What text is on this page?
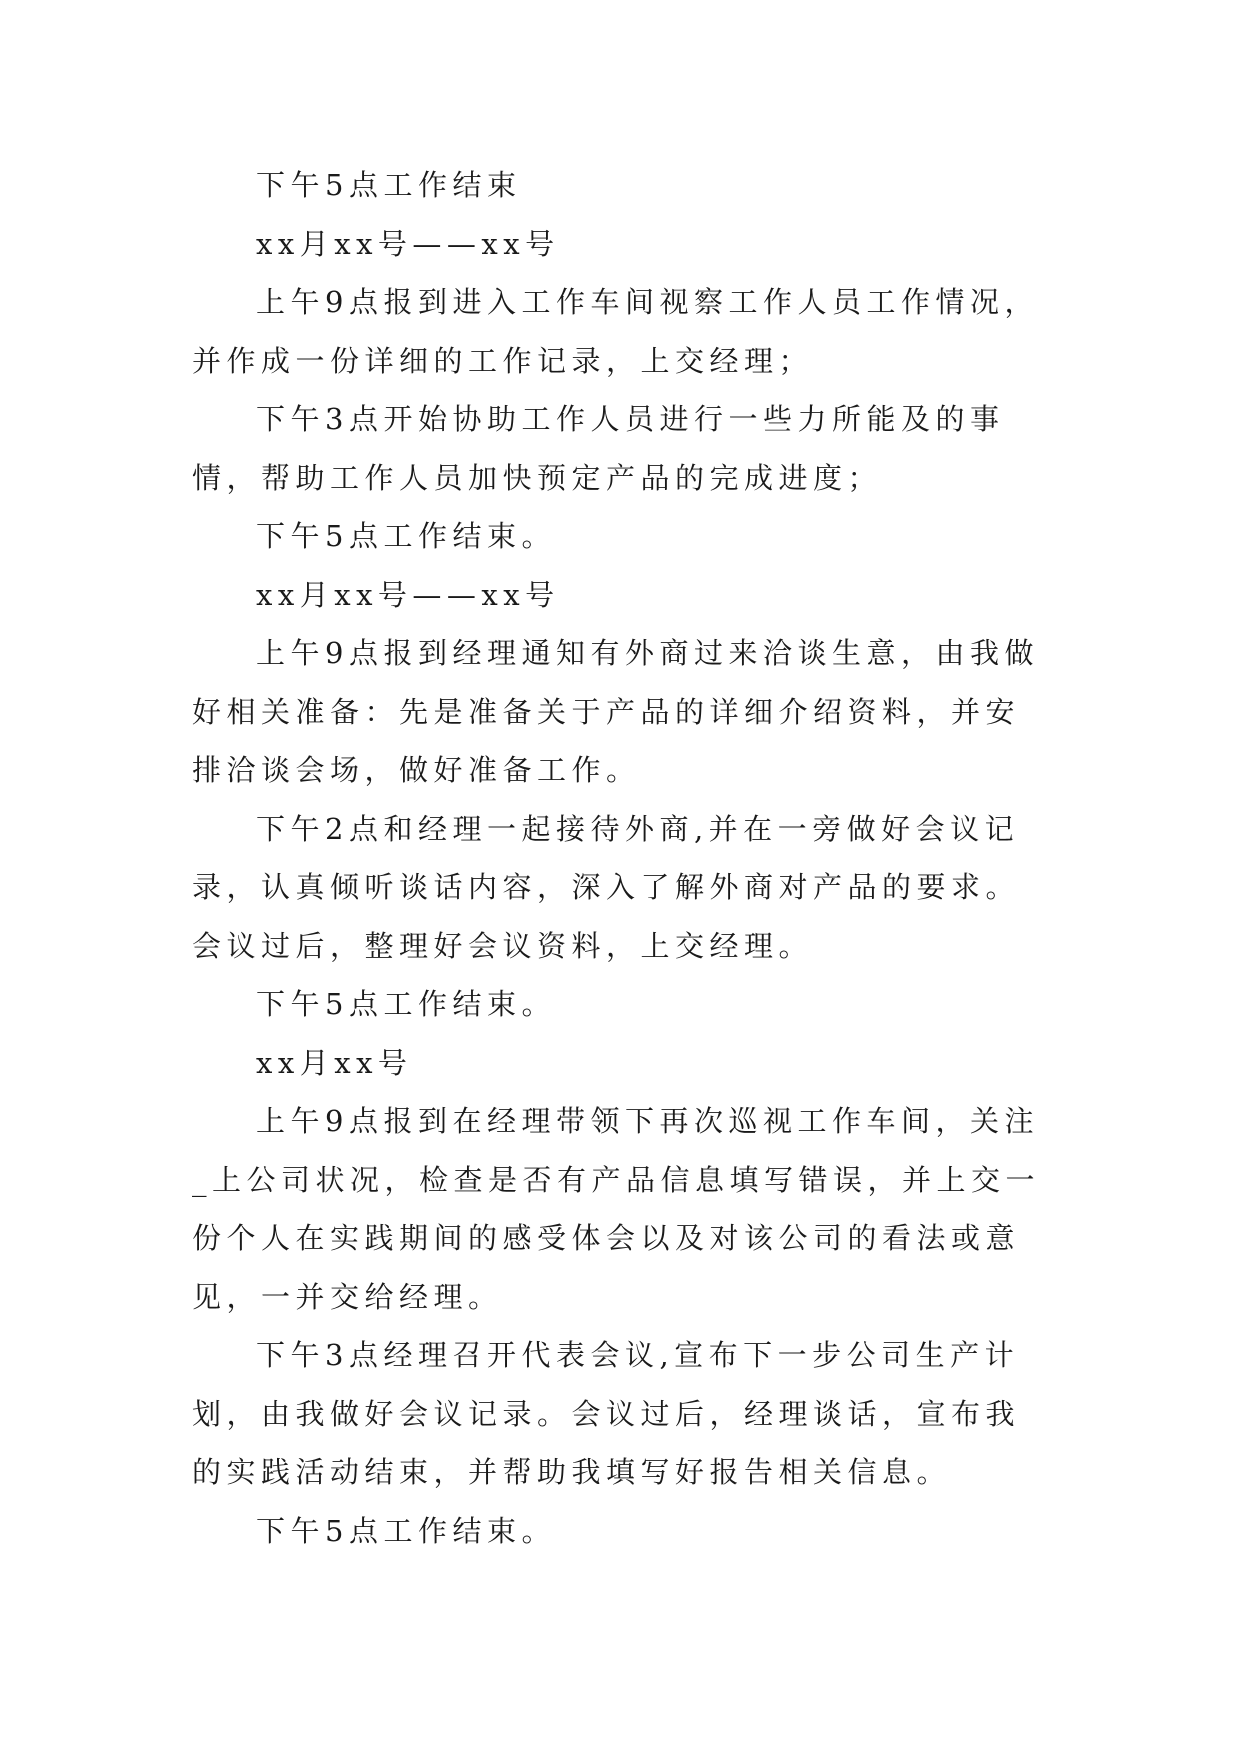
下午5点工作结束

xx月xx号——xx号

上午9点报到进入工作车间视察工作人员工作情况，并作成一份详细的工作记录，上交经理；

下午3点开始协助工作人员进行一些力所能及的事情，帮助工作人员加快预定产品的完成进度；

下午5点工作结束。

xx月xx号——xx号

上午9点报到经理通知有外商过来洽谈生意，由我做好相关准备：先是准备关于产品的详细介绍资料，并安排洽谈会场，做好准备工作。

下午2点和经理一起接待外商,并在一旁做好会议记录，认真倾听谈话内容，深入了解外商对产品的要求。会议过后，整理好会议资料，上交经理。

下午5点工作结束。

xx月xx号

上午9点报到在经理带领下再次巡视工作车间，关注_上公司状况，检查是否有产品信息填写错误，并上交一份个人在实践期间的感受体会以及对该公司的看法或意见，一并交给经理。

下午3点经理召开代表会议,宣布下一步公司生产计划，由我做好会议记录。会议过后，经理谈话，宣布我的实践活动结束，并帮助我填写好报告相关信息。

下午5点工作结束。
